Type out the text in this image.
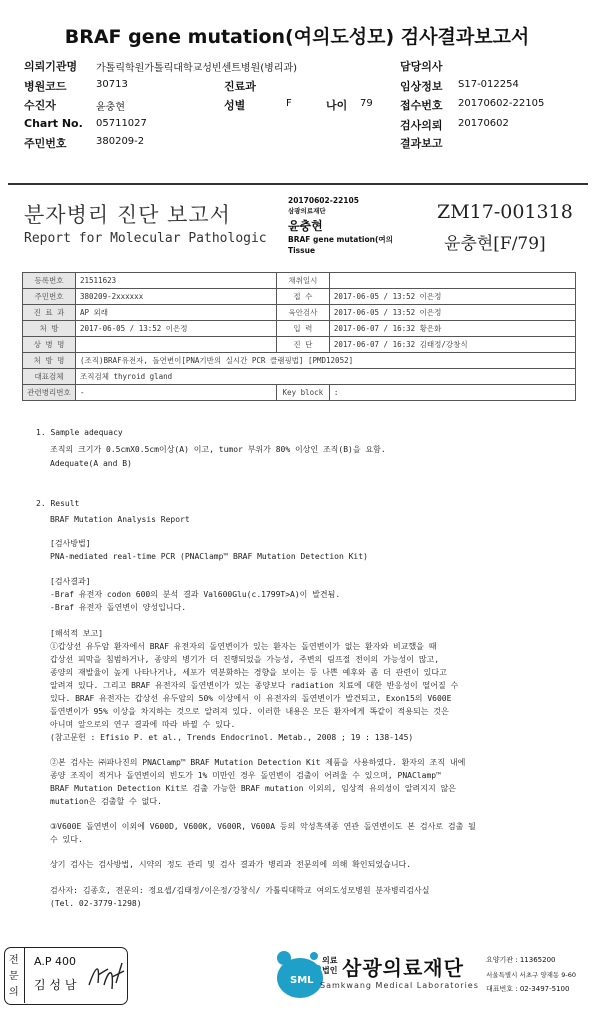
BRAF gene mutation(여의도성모) 검사결과보고서
의뢰기관명 가톨릭학원가톨릭대학교성빈센트병원(병리과)	담당의사
병원코드	30713	진료과	임상정보 S17-012254
수진자	윤충현	성별	F	나이 79 접수번호 20170602-22105
Chart No. 05711027	검사의뢰 20170602
주민번호	380209-2	결과보고
분자병리 진단 보고서
Report for Molecular Pathologic
20170602-22105
삼광의료재단
윤충현
BRAF gene mutation(여의
Tissue
ZM17-001318
윤충현[F/79]
등록번호	21511623	채취일시	
주민번호	380209-2xxxxxx	접 수	2017-06-05 / 13:52 이은정
진 료 과	AP 외래	육안검사	2017-06-05 / 13:52 이은정
처 방	2017-06-05 / 13:52 이은정	입 력	2017-06-07 / 16:32 황은화
상 병 명		진 단	2017-06-07 / 16:32 김태정/강창식
처 방 명	(조직)BRAF유전자, 돌연변이[PNA기반의 실시간 PCR 클램핑법] [PMD12052]		
대표검체	조직검체 thyroid gland		
관련병리번호	-	Key block	:
1. Sample adequacy
조직의 크기가 0.5cmX0.5cm이상(A) 이고, tumor 부위가 80% 이상인 조직(B)을 요함.
Adequate(A and B)
2. Result
BRAF Mutation Analysis Report
[검사방법]
PNA-mediated real-time PCR (PNAClamp™ BRAF Mutation Detection Kit)
[검사결과]
-Braf 유전자 codon 600의 분석 결과 Val600Glu(c.1799T>A)이 발견됨.
-Braf 유전자 돌연변이 양성입니다.
[해석적 보고]
①갑상선 유두암 환자에서 BRAF 유전자의 돌연변이가 있는 환자는 돌연변이가 없는 환자와 비교했을 때
갑상선 피막을 침범하거나, 종양의 병기가 더 진행되었을 가능성, 주변의 림프절 전이의 가능성이 많고,
종양의 재발율이 높게 나타나거나, 세포가 역분화하는 경향을 보이는 등 나쁜 예후와 좀 더 관련이 있다고
알려져 있다. 그리고 BRAF 유전자의 돌연변이가 있는 종양보다 radiation 치료에 대한 반응성이 떨어질 수
있다. BRAF 유전자는 갑상선 유두암의 50% 이상에서 이 유전자의 돌연변이가 발견되고, Exon15의 V600E
돌연변이가 95% 이상을 차지하는 것으로 알려져 있다. 이러한 내용은 모든 환자에게 똑같이 적용되는 것은
아니며 앞으로의 연구 결과에 따라 바뀔 수 있다.
(참고문헌 : Efisio P. et al., Trends Endocrinol. Metab., 2008 ; 19 : 138-145)
②본 검사는 ㈜파나진의 PNAClamp™ BRAF Mutation Detection Kit 제품을 사용하였다. 환자의 조직 내에
종양 조직이 적거나 돌연변이의 빈도가 1% 미만인 경우 돌연변이 검출이 어려울 수 있으며, PNAClamp™
BRAF Mutation Detection Kit로 검출 가능한 BRAF mutation 이외의, 임상적 유의성이 알려지지 않은
mutation은 검출할 수 없다.
③V600E 돌연변이 이외에 V600D, V600K, V600R, V600A 등의 악성흑색종 연관 돌연변이도 본 검사로 검출 될
수 있다.
상기 검사는 검사방법, 시약의 정도 관리 및 검사 결과가 병리과 전문의에 의해 확인되었습니다.
검사자: 김종호, 전문의: 정요셉/김태정/이은정/강창식/ 가톨릭대학교 여의도성모병원 분자병리검사실
(Tel. 02-3779-1298)
전
문
의
A.P 400
김 성 남	SML
의료
법인 삼광의료재단
Samkwang Medical Laboratories
요양기관 : 11365200
서울특별시 서초구 양재동 9-60
대표번호 : 02-3497-5100
